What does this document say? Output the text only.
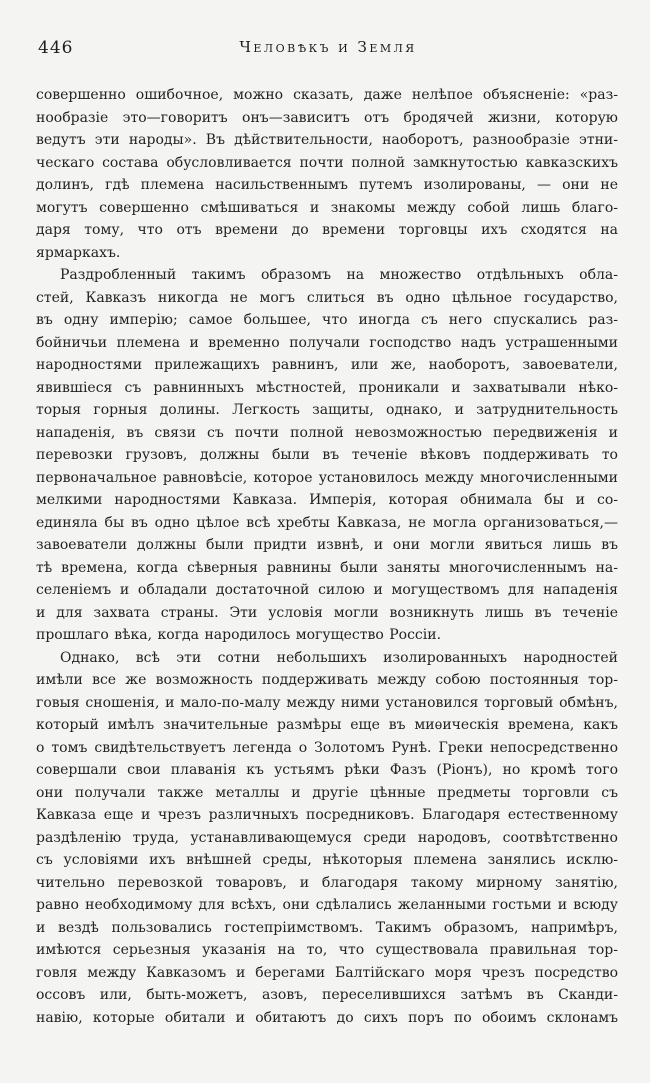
446	Человѣкъ и Земля
совершенно ошибочное, можно сказать, даже нелѣпое объясненіе: «раз-
нообразіе это—говоритъ онъ—зависитъ отъ бродячей жизни, которую
ведутъ эти народы». Въ дѣйствительности, наоборотъ, разнообразіе этни-
ческаго состава обусловливается почти полной замкнутостью кавказскихъ
долинъ, гдѣ племена насильственнымъ путемъ изолированы, — они не
могутъ совершенно смѣшиваться и знакомы между собой лишь благо-
даря тому, что отъ времени до времени торговцы ихъ сходятся на
ярмаркахъ.
Раздробленный такимъ образомъ на множество отдѣльныхъ обла-
стей, Кавказъ никогда не могъ слиться въ одно цѣльное государство,
въ одну имперію; самое большее, что иногда съ него спускались раз-
бойничьи племена и временно получали господство надъ устрашенными
народностями прилежащихъ равнинъ, или же, наоборотъ, завоеватели,
явившіеся съ равнинныхъ мѣстностей, проникали и захватывали нѣко-
торыя горныя долины. Легкость защиты, однако, и затруднительность
нападенія, въ связи съ почти полной невозможностью передвиженія и
перевозки грузовъ, должны были въ теченіе вѣковъ поддерживать то
первоначальное равновѣсіе, которое установилось между многочисленными
мелкими народностями Кавказа. Имперія, которая обнимала бы и со-
единяла бы въ одно цѣлое всѣ хребты Кавказа, не могла организоваться,—
завоеватели должны были придти извнѣ, и они могли явиться лишь въ
тѣ времена, когда сѣверныя равнины были заняты многочисленнымъ на-
селеніемъ и обладали достаточной силою и могуществомъ для нападенія
и для захвата страны. Эти условія могли возникнуть лишь въ теченіе
прошлаго вѣка, когда народилось могущество Россіи.
Однако, всѣ эти сотни небольшихъ изолированныхъ народностей
имѣли все же возможность поддерживать между собою постоянныя тор-
говыя сношенія, и мало-по-малу между ними установился торговый обмѣнъ,
который имѣлъ значительные размѣры еще въ миѳическія времена, какъ
о томъ свидѣтельствуетъ легенда о Золотомъ Рунѣ. Греки непосредственно
совершали свои плаванія къ устьямъ рѣки Фазъ (Ріонъ), но кромѣ того
они получали также металлы и другіе цѣнные предметы торговли съ
Кавказа еще и чрезъ различныхъ посредниковъ. Благодаря естественному
раздѣленію труда, устанавливающемуся среди народовъ, соотвѣтственно
съ условіями ихъ внѣшней среды, нѣкоторыя племена занялись исклю-
чительно перевозкой товаровъ, и благодаря такому мирному занятію,
равно необходимому для всѣхъ, они сдѣлались желанными гостьми и всюду
и вездѣ пользовались гостепріимствомъ. Такимъ образомъ, напримѣръ,
имѣются серьезныя указанія на то, что существовала правильная тор-
говля между Кавказомъ и берегами Балтійскаго моря чрезъ посредство
оссовъ или, быть-можетъ, азовъ, переселившихся затѣмъ въ Сканди-
навію, которые обитали и обитаютъ до сихъ поръ по обоимъ склонамъ
